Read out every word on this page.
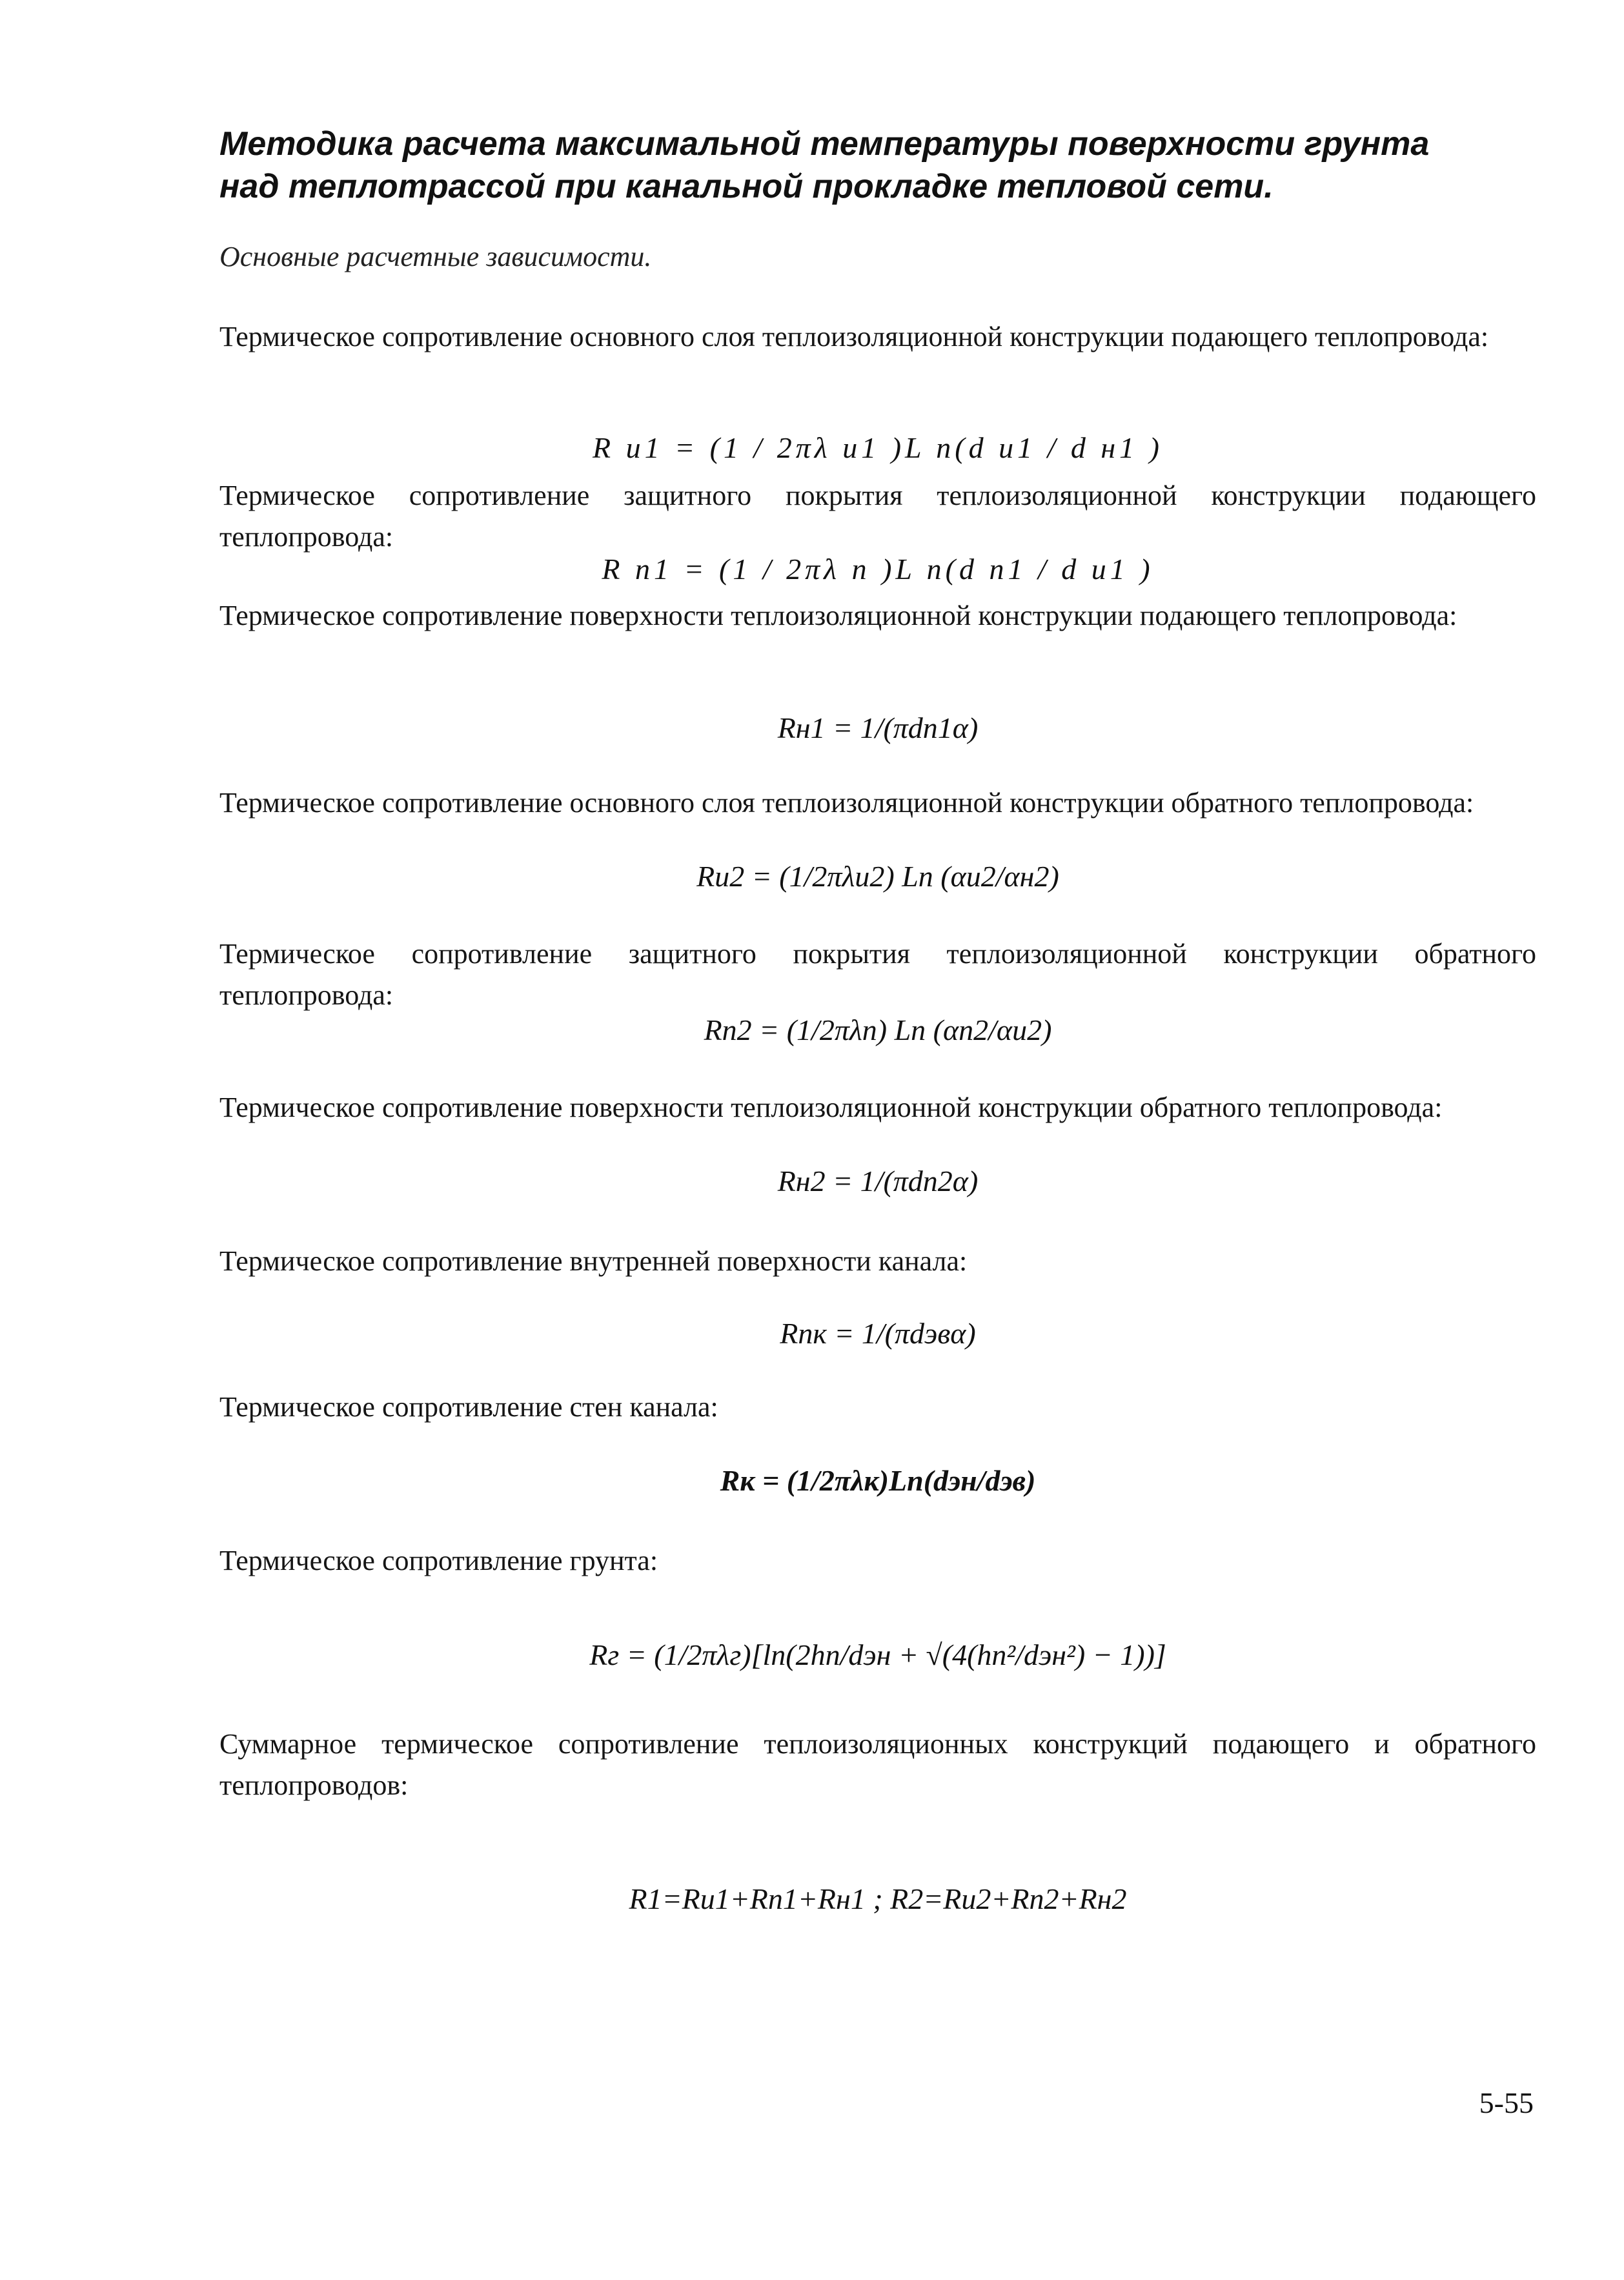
Методика расчета максимальной температуры поверхности грунта над теплотрассой при канальной прокладке тепловой сети.
Основные расчетные зависимости.
Термическое сопротивление основного слоя теплоизоляционной конструкции подающего теплопровода:
R и1 = (1 / 2πλ и1 )L n(d и1 / d н1 )
Термическое сопротивление защитного покрытия теплоизоляционной конструкции подающего теплопровода:
R п1 = (1 / 2πλ п )L n(d п1 / d и1 )
Термическое сопротивление поверхности теплоизоляционной конструкции подающего теплопровода:
Rн1 = 1/(πdп1α)
Термическое сопротивление основного слоя теплоизоляционной конструкции обратного теплопровода:
Rи2 = (1/2πλи2) Ln (αи2/αн2)
Термическое сопротивление защитного покрытия теплоизоляционной конструкции обратного теплопровода:
Rп2 = (1/2πλп) Ln (αп2/αи2)
Термическое сопротивление поверхности теплоизоляционной конструкции обратного теплопровода:
Rн2 = 1/(πdп2α)
Термическое сопротивление внутренней поверхности канала:
Rпк = 1/(πdэвα)
Термическое сопротивление стен канала:
Rк = (1/2πλк)Ln(dэн/dэв)
Термическое сопротивление грунта:
Rг = (1/2πλг)[ln(2hп/dэн + √(4(hп²/dэн²) − 1))]
Суммарное термическое сопротивление теплоизоляционных конструкций подающего и обратного теплопроводов:
R1=Rи1+Rп1+Rн1 ; R2=Rи2+Rп2+Rн2
5-55
